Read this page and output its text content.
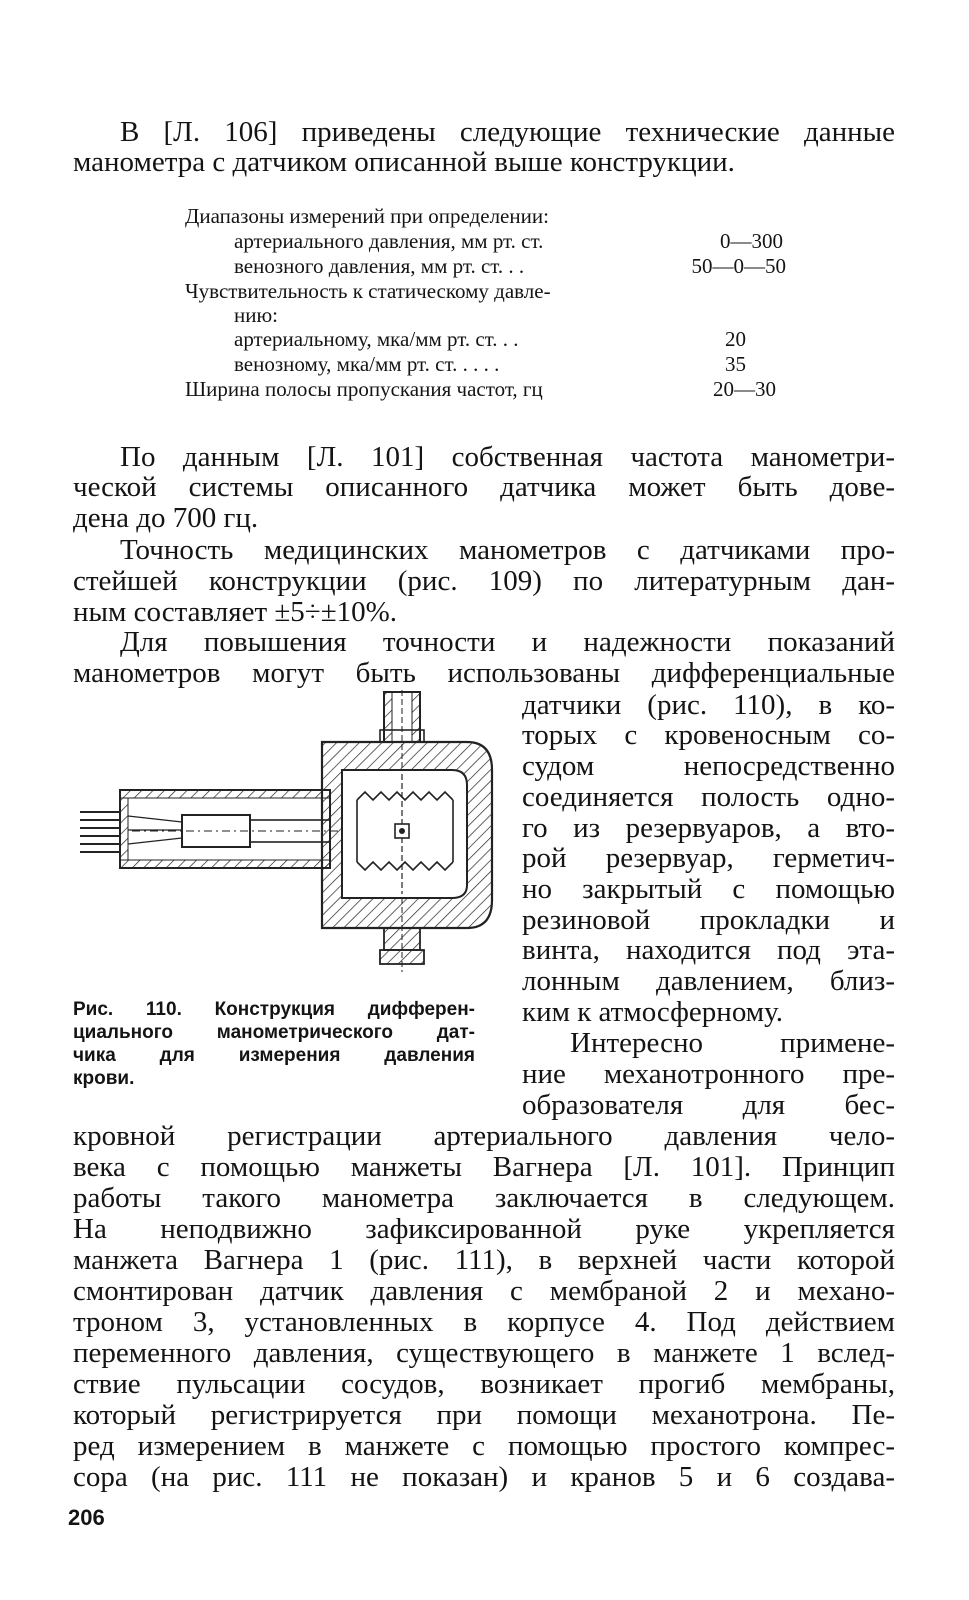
В [Л. 106] приведены следующие технические данные
манометра с датчиком описанной выше конструкции.
Диапазоны измерений при определении:
артериального давления, мм рт. ст.	0—300
венозного давления, мм рт. ст. . .	50—0—50
Чувствительность к статическому давле-
нию:
артериальному, мка/мм рт. ст. . .	20
венозному, мка/мм рт. ст. . . . .	35
Ширина полосы пропускания частот, гц	20—30
По данным [Л. 101] собственная частота манометри-
ческой системы описанного датчика может быть дове-
дена до 700 гц.
Точность медицинских манометров с датчиками про-
стейшей конструкции (рис. 109) по литературным дан-
ным составляет ±5÷±10%.
Для повышения точности и надежности показаний
манометров могут быть использованы дифференциальные
датчики (рис. 110), в ко-
торых с кровеносным со-
судом непосредственно
соединяется полость одно-
го из резервуаров, а вто-
рой резервуар, герметич-
но закрытый с помощью
резиновой прокладки и
винта, находится под эта-
лонным давлением, близ-
ким к атмосферному.
Интересно примене-
ние механотронного пре-
образователя для бес-
кровной регистрации артериального давления чело-
века с помощью манжеты Вагнера [Л. 101]. Принцип
работы такого манометра заключается в следующем.
На неподвижно зафиксированной руке укрепляется
манжета Вагнера 1 (рис. 111), в верхней части которой
смонтирован датчик давления с мембраной 2 и механо-
троном 3, установленных в корпусе 4. Под действием
переменного давления, существующего в манжете 1 вслед-
ствие пульсации сосудов, возникает прогиб мембраны,
который регистрируется при помощи механотрона. Пе-
ред измерением в манжете с помощью простого компрес-
сора (на рис. 111 не показан) и кранов 5 и 6 создава-
Рис. 110. Конструкция дифферен-
циального манометрического дат-
чика для измерения давления
крови.
206
